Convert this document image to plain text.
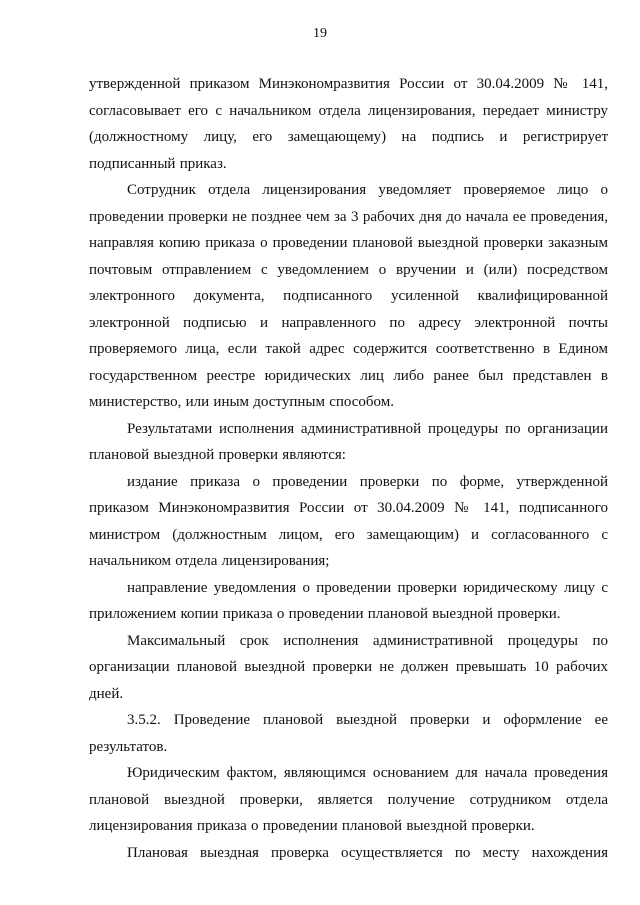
19

утвержденной приказом Минэкономразвития России от 30.04.2009 № 141, согласовывает его с начальником отдела лицензирования, передает министру (должностному лицу, его замещающему) на подпись и регистрирует подписанный приказ.

Сотрудник отдела лицензирования уведомляет проверяемое лицо о проведении проверки не позднее чем за 3 рабочих дня до начала ее проведения, направляя копию приказа о проведении плановой выездной проверки заказным почтовым отправлением с уведомлением о вручении и (или) посредством электронного документа, подписанного усиленной квалифицированной электронной подписью и направленного по адресу электронной почты проверяемого лица, если такой адрес содержится соответственно в Едином государственном реестре юридических лиц либо ранее был представлен в министерство, или иным доступным способом.

Результатами исполнения административной процедуры по организации плановой выездной проверки являются:

издание приказа о проведении проверки по форме, утвержденной приказом Минэкономразвития России от 30.04.2009 № 141, подписанного министром (должностным лицом, его замещающим) и согласованного с начальником отдела лицензирования;

направление уведомления о проведении проверки юридическому лицу с приложением копии приказа о проведении плановой выездной проверки.

Максимальный срок исполнения административной процедуры по организации плановой выездной проверки не должен превышать 10 рабочих дней.

3.5.2. Проведение плановой выездной проверки и оформление ее результатов.

Юридическим фактом, являющимся основанием для начала проведения плановой выездной проверки, является получение сотрудником отдела лицензирования приказа о проведении плановой выездной проверки.

Плановая выездная проверка осуществляется по месту нахождения
